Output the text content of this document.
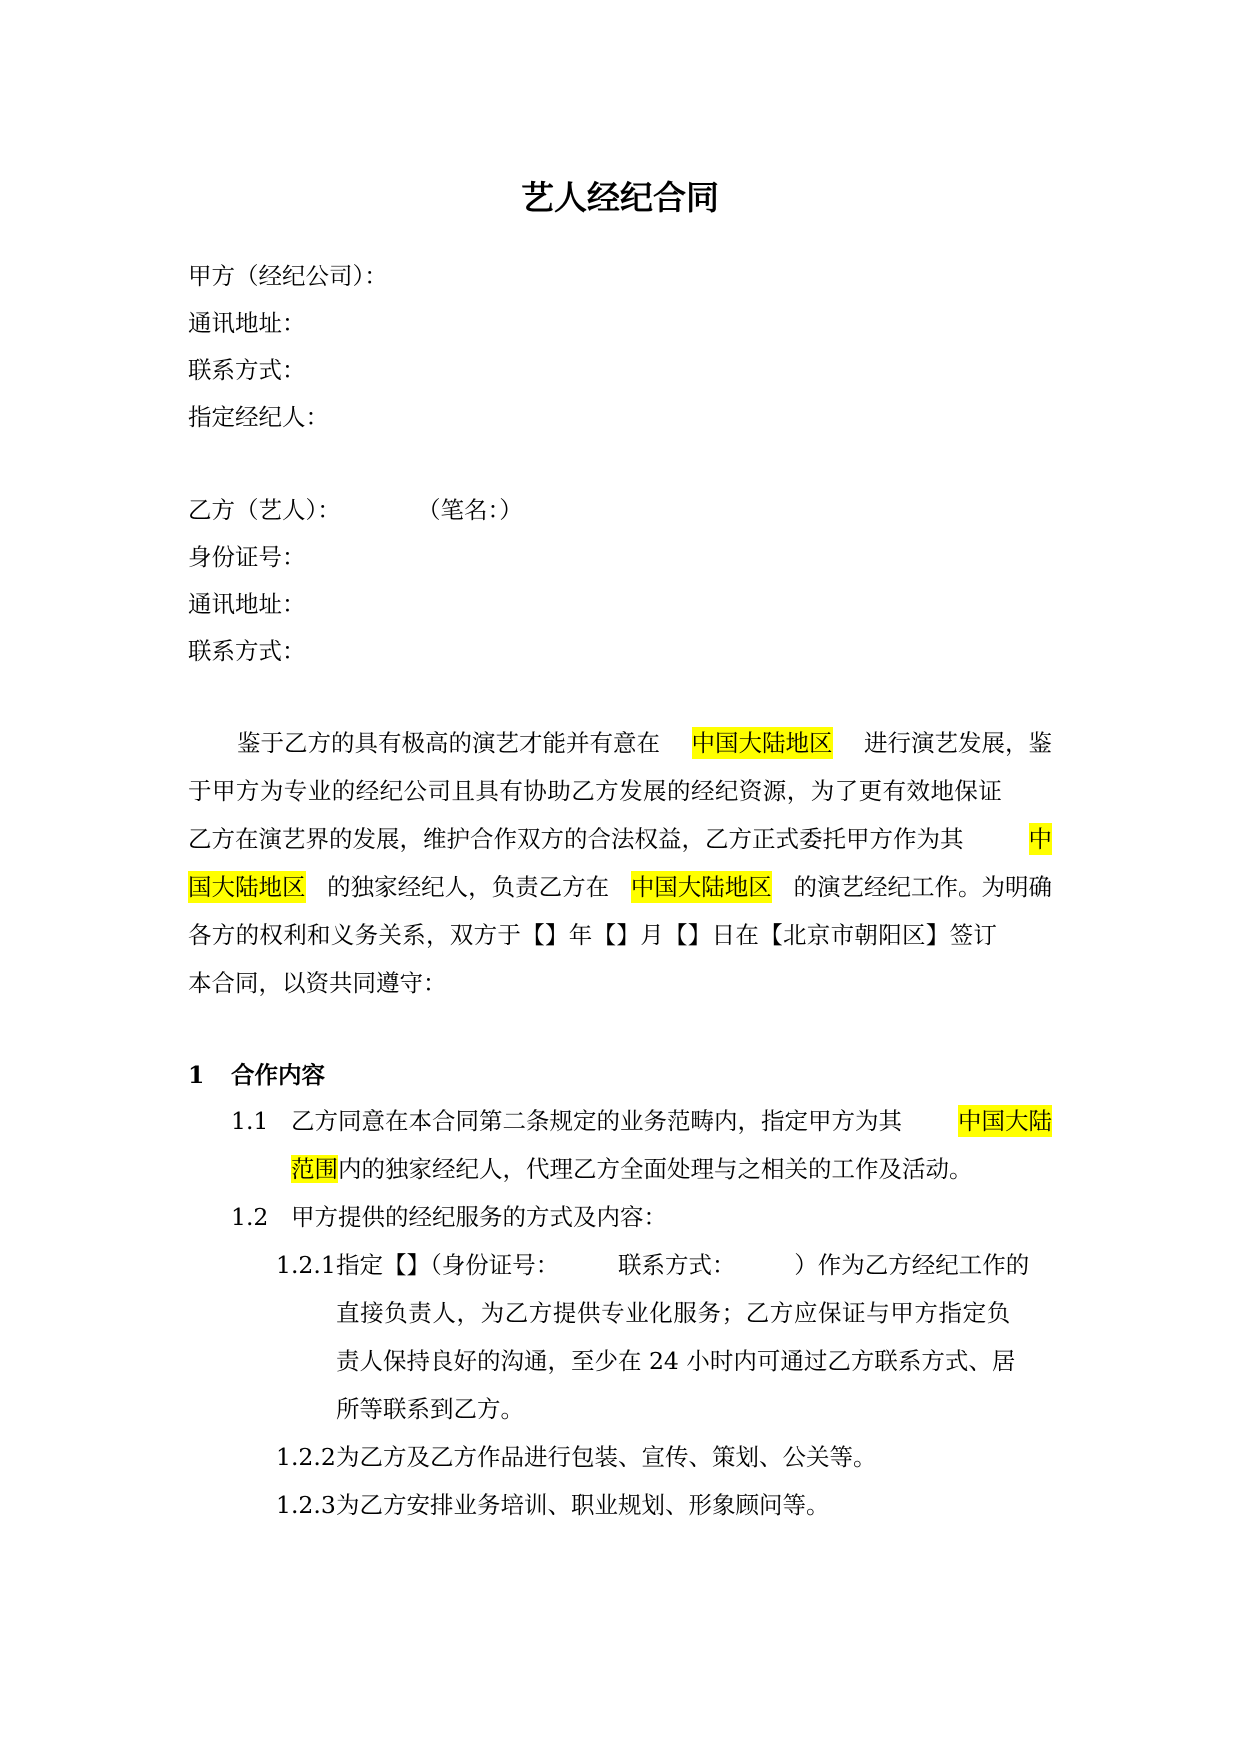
艺人经纪合同
甲方（经纪公司）：
通讯地址：
联系方式：
指定经纪人：
乙方（艺人）：	（笔名：）
身份证号：
通讯地址：
联系方式：
鉴于乙方的具有极高的演艺才能并有意在 中国大陆地区 进行演艺发展，鉴
于甲方为专业的经纪公司且具有协助乙方发展的经纪资源，为了更有效地保证
乙方在演艺界的发展，维护合作双方的合法权益，乙方正式委托甲方作为其	中
国大陆地区 的独家经纪人，负责乙方在 中国大陆地区 的演艺经纪工作。为明确
各方的权利和义务关系，双方于【】年【】月【】日在【北京市朝阳区】签订
本合同，以资共同遵守：
1 合作内容
1.1 乙方同意在本合同第二条规定的业务范畴内，指定甲方为其 中国大陆
范围内的独家经纪人，代理乙方全面处理与之相关的工作及活动。
1.2 甲方提供的经纪服务的方式及内容：
1.2.1 指定【】（身份证号：　　　联系方式：　　　）作为乙方经纪工作的
直接负责人，为乙方提供专业化服务；乙方应保证与甲方指定负
责人保持良好的沟通，至少在 24 小时内可通过乙方联系方式、居
所等联系到乙方。
1.2.2 为乙方及乙方作品进行包装、宣传、策划、公关等。
1.2.3 为乙方安排业务培训、职业规划、形象顾问等。
